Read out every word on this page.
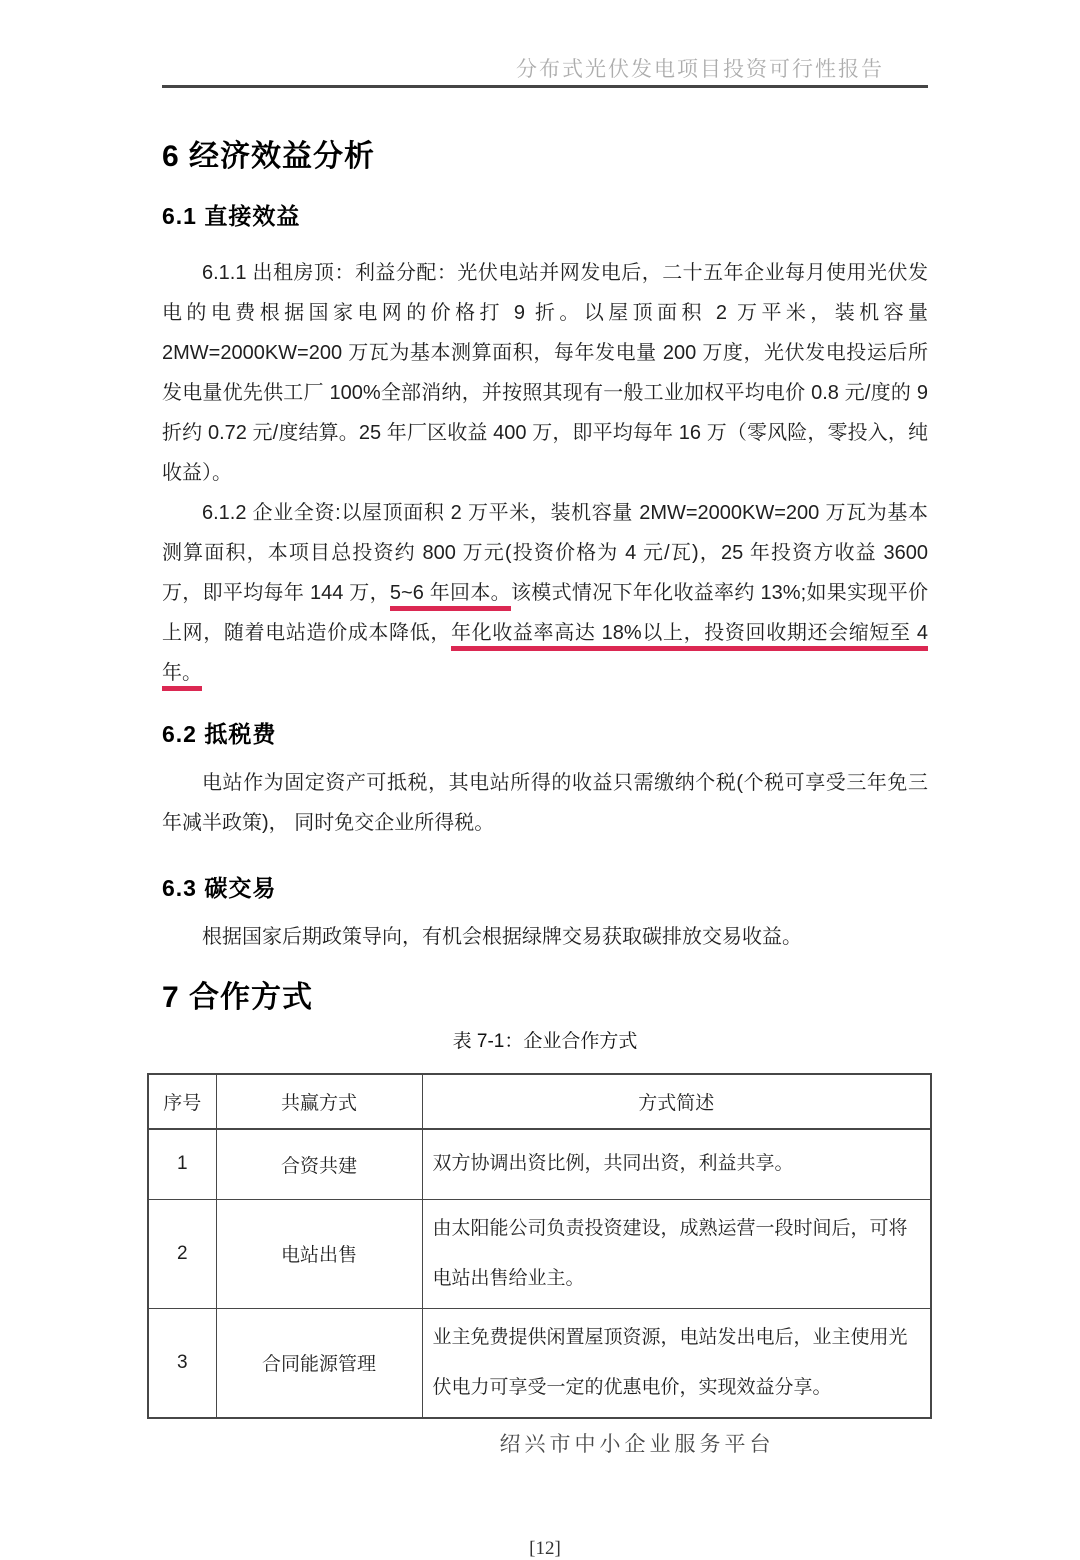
分布式光伏发电项目投资可行性报告
6 经济效益分析
6.1 直接效益

6.1.1 出租房顶：利益分配：光伏电站并网发电后，二十五年企业每月使用光伏发电的电费根据国家电网的价格打 9 折。以屋顶面积 2 万平米，装机容量 2MW=2000KW=200 万瓦为基本测算面积，每年发电量 200 万度，光伏发电投运后所发电量优先供工厂 100%全部消纳，并按照其现有一般工业加权平均电价 0.8 元/度的 9 折约 0.72 元/度结算。25 年厂区收益 400 万，即平均每年 16 万（零风险，零投入，纯收益）。

6.1.2 企业全资:以屋顶面积 2 万平米，装机容量 2MW=2000KW=200 万瓦为基本测算面积，本项目总投资约 800 万元(投资价格为 4 元/瓦)，25 年投资方收益 3600 万，即平均每年 144 万，5~6 年回本。该模式情况下年化收益率约 13%;如果实现平价上网，随着电站造价成本降低，年化收益率高达 18%以上，投资回收期还会缩短至 4 年。

6.2 抵税费

电站作为固定资产可抵税，其电站所得的收益只需缴纳个税(个税可享受三年免三年减半政策)， 同时免交企业所得税。

6.3 碳交易

根据国家后期政策导向，有机会根据绿牌交易获取碳排放交易收益。

7 合作方式
表 7-1：企业合作方式
序号	共赢方式	方式简述
1	合资共建	双方协调出资比例，共同出资，利益共享。
2	电站出售	由太阳能公司负责投资建设，成熟运营一段时间后，可将电站出售给业主。
3	合同能源管理	业主免费提供闲置屋顶资源，电站发出电后，业主使用光伏电力可享受一定的优惠电价，实现效益分享。
绍兴市中小企业服务平台
[12]
